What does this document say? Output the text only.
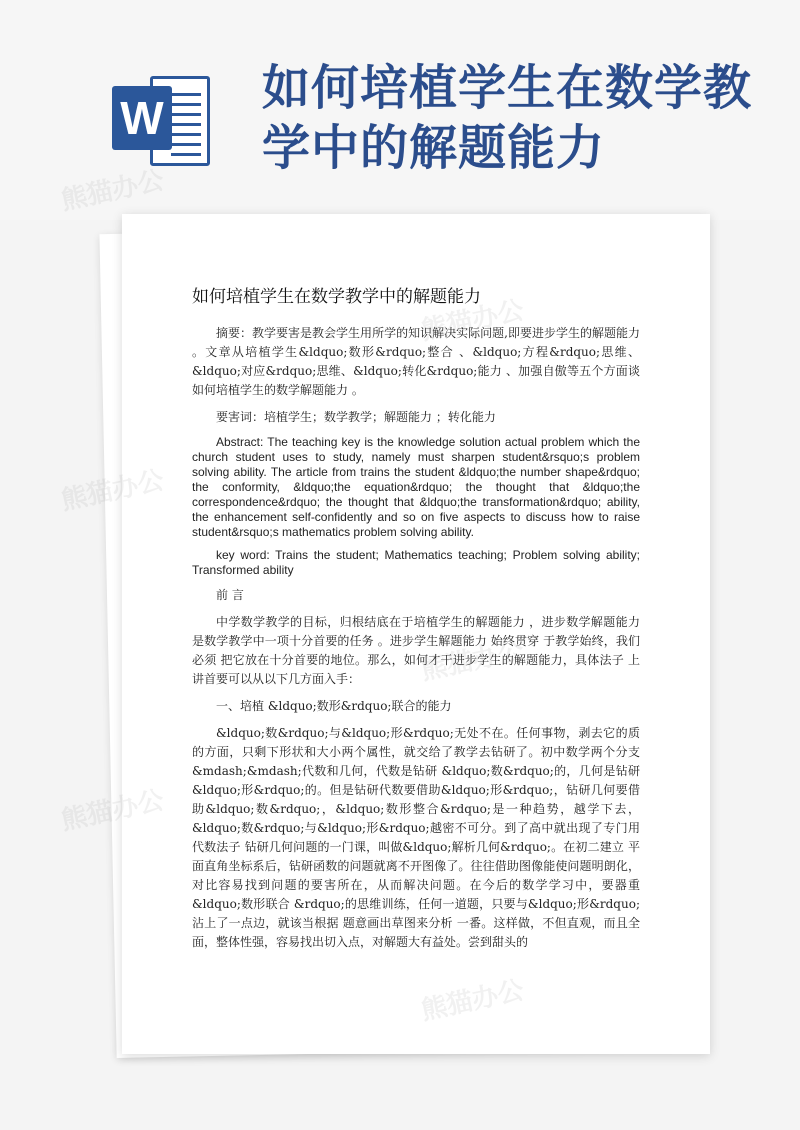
W
如何培植学生在数学教学中的解题能力
如何培植学生在数学教学中的解题能力

摘要：教学要害是教会学生用所学的知识解决实际问题,即要进步学生的解题能力 。文章从培植学生&ldquo;数形&rdquo;整合 、&ldquo;方程&rdquo;思维、&ldquo;对应&rdquo;思维、&ldquo;转化&rdquo;能力 、加强自傲等五个方面谈如何培植学生的数学解题能力 。

要害词：培植学生；数学教学；解题能力 ；转化能力

Abstract: The teaching key is the knowledge solution actual problem which the church student uses to study, namely must sharpen student&rsquo;s problem solving ability. The article from trains the student &ldquo;the number shape&rdquo; the conformity, &ldquo;the equation&rdquo; the thought that &ldquo;the correspondence&rdquo; the thought that &ldquo;the transformation&rdquo; ability, the enhancement self-confidently and so on five aspects to discuss how to raise student&rsquo;s mathematics problem solving ability.

key word: Trains the student; Mathematics teaching; Problem solving ability; Transformed ability

前 言

中学数学教学的目标，归根结底在于培植学生的解题能力 ，进步数学解题能力 是数学教学中一项十分首要的任务 。进步学生解题能力 始终贯穿 于教学始终，我们必须 把它放在十分首要的地位。那么，如何才干进步学生的解题能力，具体法子 上讲首要可以从以下几方面入手：

一、培植 &ldquo;数形&rdquo;联合的能力

&ldquo;数&rdquo;与&ldquo;形&rdquo;无处不在。任何事物，剥去它的质的方面，只剩下形状和大小两个属性，就交给了教学去钻研了。初中数学两个分支&mdash;&mdash;代数和几何，代数是钻研 &ldquo;数&rdquo;的，几何是钻研 &ldquo;形&rdquo;的。但是钻研代数要借助&ldquo;形&rdquo;，钻研几何要借助&ldquo;数&rdquo;，&ldquo;数形整合&rdquo;是一种趋势，越学下去，&ldquo;数&rdquo;与&ldquo;形&rdquo;越密不可分。到了高中就出现了专门用代数法子 钻研几何问题的一门课，叫做&ldquo;解析几何&rdquo;。在初二建立 平面直角坐标系后，钻研函数的问题就离不开图像了。往往借助图像能使问题明朗化，对比容易找到问题的要害所在，从而解决问题。在今后的数学学习中，要器重 &ldquo;数形联合 &rdquo;的思维训练，任何一道题，只要与&ldquo;形&rdquo;沾上了一点边，就该当根据 题意画出草图来分析 一番。这样做，不但直观，而且全面，整体性强，容易找出切入点，对解题大有益处。尝到甜头的
